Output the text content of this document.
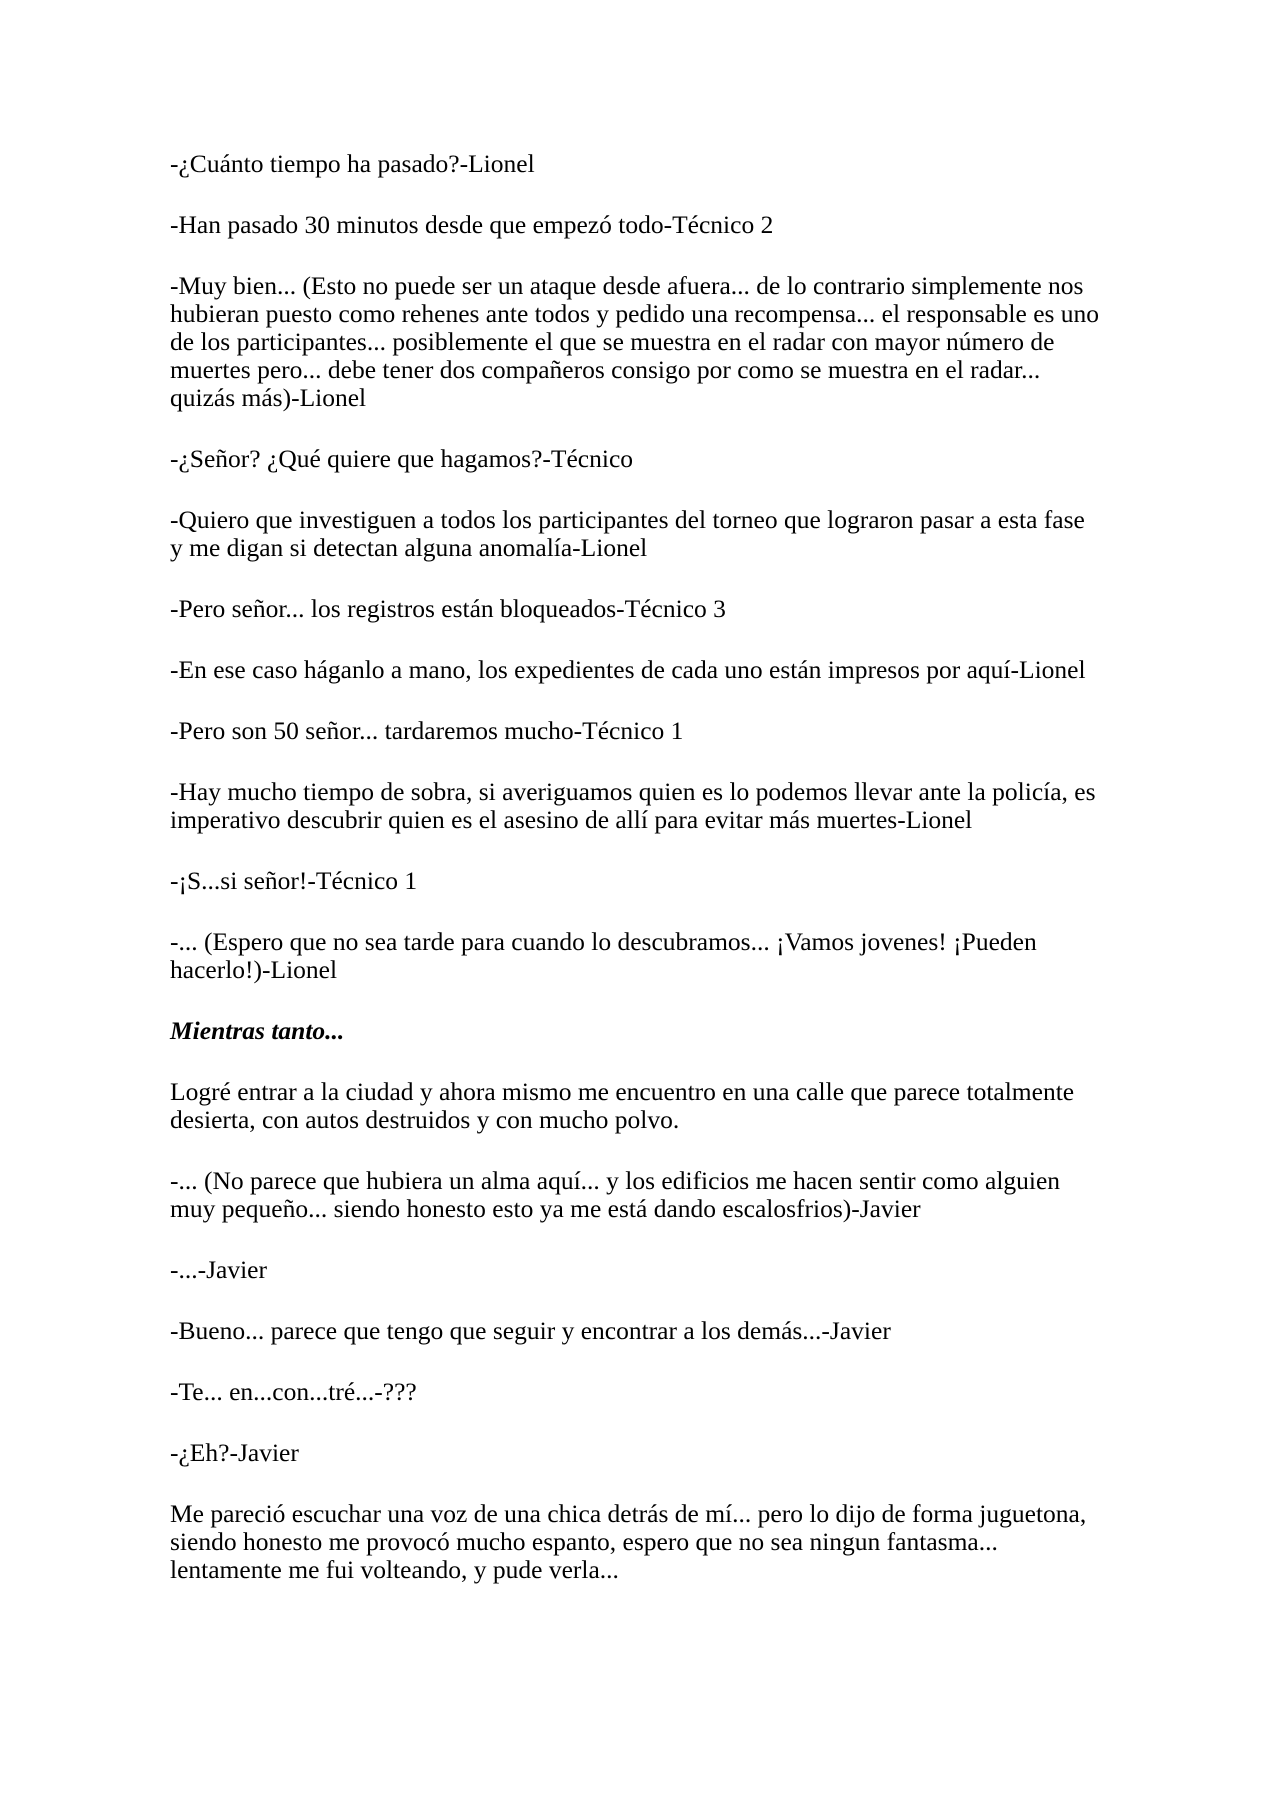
-¿Cuánto tiempo ha pasado?-Lionel

-Han pasado 30 minutos desde que empezó todo-Técnico 2

-Muy bien... (Esto no puede ser un ataque desde afuera... de lo contrario simplemente nos hubieran puesto como rehenes ante todos y pedido una recompensa... el responsable es uno de los participantes... posiblemente el que se muestra en el radar con mayor número de muertes pero... debe tener dos compañeros consigo por como se muestra en el radar... quizás más)-Lionel

-¿Señor? ¿Qué quiere que hagamos?-Técnico

-Quiero que investiguen a todos los participantes del torneo que lograron pasar a esta fase y me digan si detectan alguna anomalía-Lionel

-Pero señor... los registros están bloqueados-Técnico 3

-En ese caso háganlo a mano, los expedientes de cada uno están impresos por aquí-Lionel

-Pero son 50 señor... tardaremos mucho-Técnico 1

-Hay mucho tiempo de sobra, si averiguamos quien es lo podemos llevar ante la policía, es imperativo descubrir quien es el asesino de allí para evitar más muertes-Lionel

-¡S...si señor!-Técnico 1

-... (Espero que no sea tarde para cuando lo descubramos... ¡Vamos jovenes! ¡Pueden hacerlo!)-Lionel

Mientras tanto...

Logré entrar a la ciudad y ahora mismo me encuentro en una calle que parece totalmente desierta, con autos destruidos y con mucho polvo.

-... (No parece que hubiera un alma aquí... y los edificios me hacen sentir como alguien muy pequeño... siendo honesto esto ya me está dando escalosfrios)-Javier

-...-Javier

-Bueno... parece que tengo que seguir y encontrar a los demás...-Javier

-Te... en...con...tré...-???

-¿Eh?-Javier

Me pareció escuchar una voz de una chica detrás de mí... pero lo dijo de forma juguetona, siendo honesto me provocó mucho espanto, espero que no sea ningun fantasma... lentamente me fui volteando, y pude verla...
